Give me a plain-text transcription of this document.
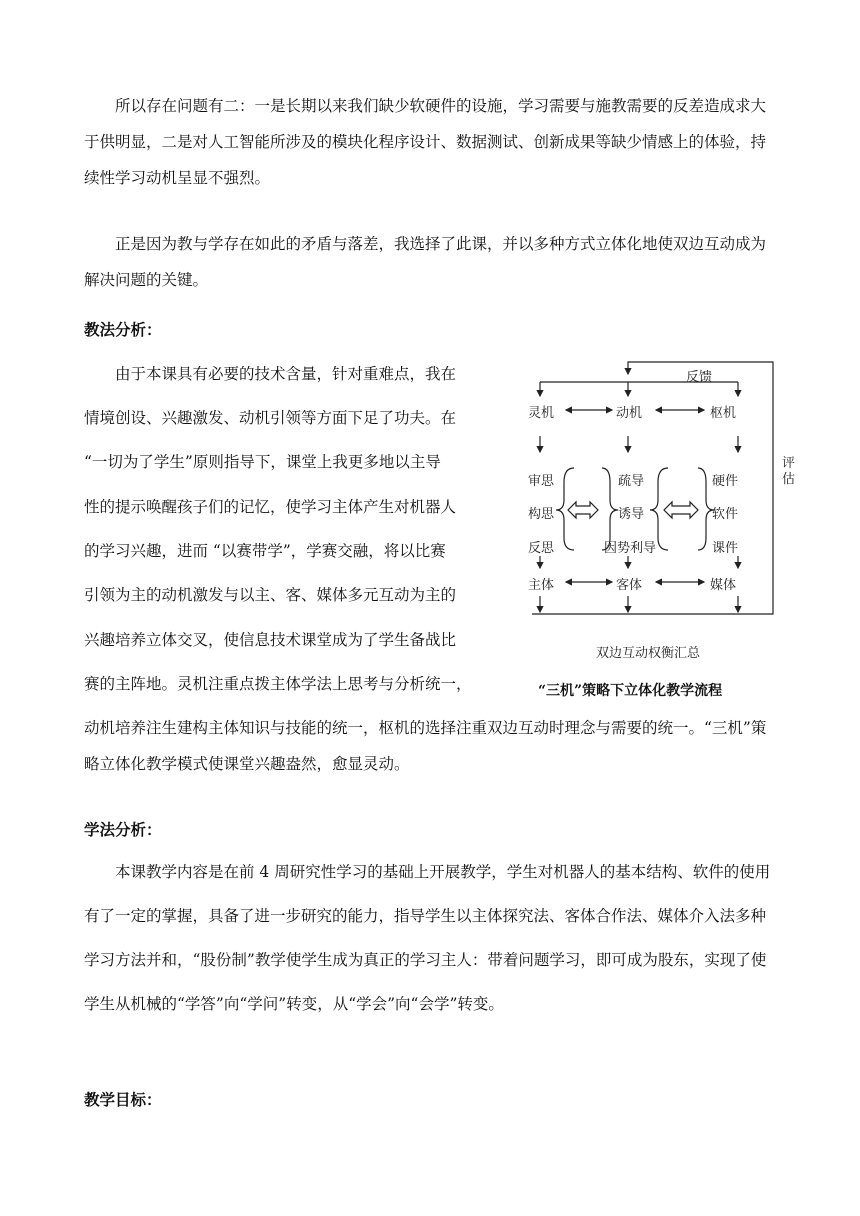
所以存在问题有二：一是长期以来我们缺少软硬件的设施，学习需要与施教需要的反差造成求大于供明显，二是对人工智能所涉及的模块化程序设计、数据测试、创新成果等缺少情感上的体验，持续性学习动机呈显不强烈。

正是因为教与学存在如此的矛盾与落差，我选择了此课，并以多种方式立体化地使双边互动成为解决问题的关键。

教法分析：

由于本课具有必要的技术含量，针对重难点，我在

情境创设、兴趣激发、动机引领等方面下足了功夫。在

“一切为了学生”原则指导下，课堂上我更多地以主导

性的提示唤醒孩子们的记忆，使学习主体产生对机器人

的学习兴趣，进而 “以赛带学”，学赛交融，将以比赛

引领为主的动机激发与以主、客、媒体多元互动为主的

兴趣培养立体交叉，使信息技术课堂成为了学生备战比

赛的主阵地。灵机注重点拨主体学法上思考与分析统一，

动机培养注生建构主体知识与技能的统一，枢机的选择注重双边互动时理念与需要的统一。“三机”策略立体化教学模式使课堂兴趣盎然，愈显灵动。

学法分析：

本课教学内容是在前 4 周研究性学习的基础上开展教学，学生对机器人的基本结构、软件的使用有了一定的掌握，具备了进一步研究的能力，指导学生以主体探究法、客体合作法、媒体介入法多种学习方法并和，“股份制”教学使学生成为真正的学习主人：带着问题学习，即可成为股东，实现了使学生从机械的“学答”向“学问”转变，从“学会”向“会学”转变。

教学目标：

反馈
评估
灵机	动机	枢机
审思
构思
反思
疏导
诱导
因势利导
硬件
软件
课件
主体	客体	媒体
双边互动权衡汇总
“三机”策略下立体化教学流程
